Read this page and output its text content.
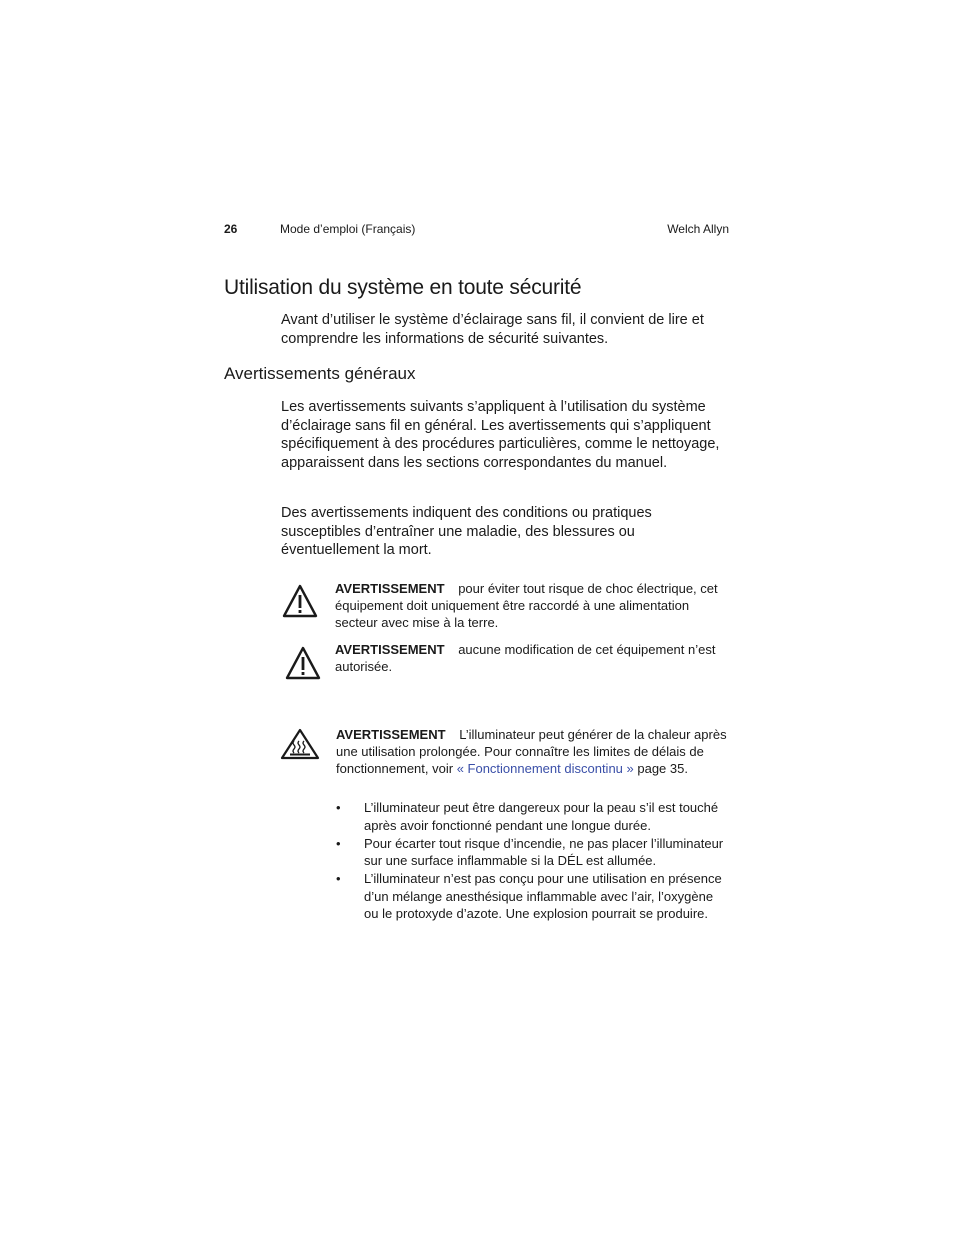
26	Mode d’emploi (Français)	Welch Allyn
Utilisation du système en toute sécurité

Avant d’utiliser le système d’éclairage sans fil, il convient de lire et comprendre les informations de sécurité suivantes.

Avertissements généraux

Les avertissements suivants s’appliquent à l’utilisation du système d’éclairage sans fil en général. Les avertissements qui s’appliquent spécifiquement à des procédures particulières, comme le nettoyage, apparaissent dans les sections correspondantes du manuel.

Des avertissements indiquent des conditions ou pratiques susceptibles d’entraîner une maladie, des blessures ou éventuellement la mort.

AVERTISSEMENT pour éviter tout risque de choc électrique, cet équipement doit uniquement être raccordé à une alimentation secteur avec mise à la terre.
AVERTISSEMENT aucune modification de cet équipement n’est autorisée.
AVERTISSEMENT L’illuminateur peut générer de la chaleur après une utilisation prolongée. Pour connaître les limites de délais de fonctionnement, voir « Fonctionnement discontinu » page 35.
• L’illuminateur peut être dangereux pour la peau s’il est touché après avoir fonctionné pendant une longue durée.
• Pour écarter tout risque d’incendie, ne pas placer l’illuminateur sur une surface inflammable si la DÉL est allumée.
• L’illuminateur n’est pas conçu pour une utilisation en présence d’un mélange anesthésique inflammable avec l’air, l’oxygène ou le protoxyde d’azote. Une explosion pourrait se produire.
